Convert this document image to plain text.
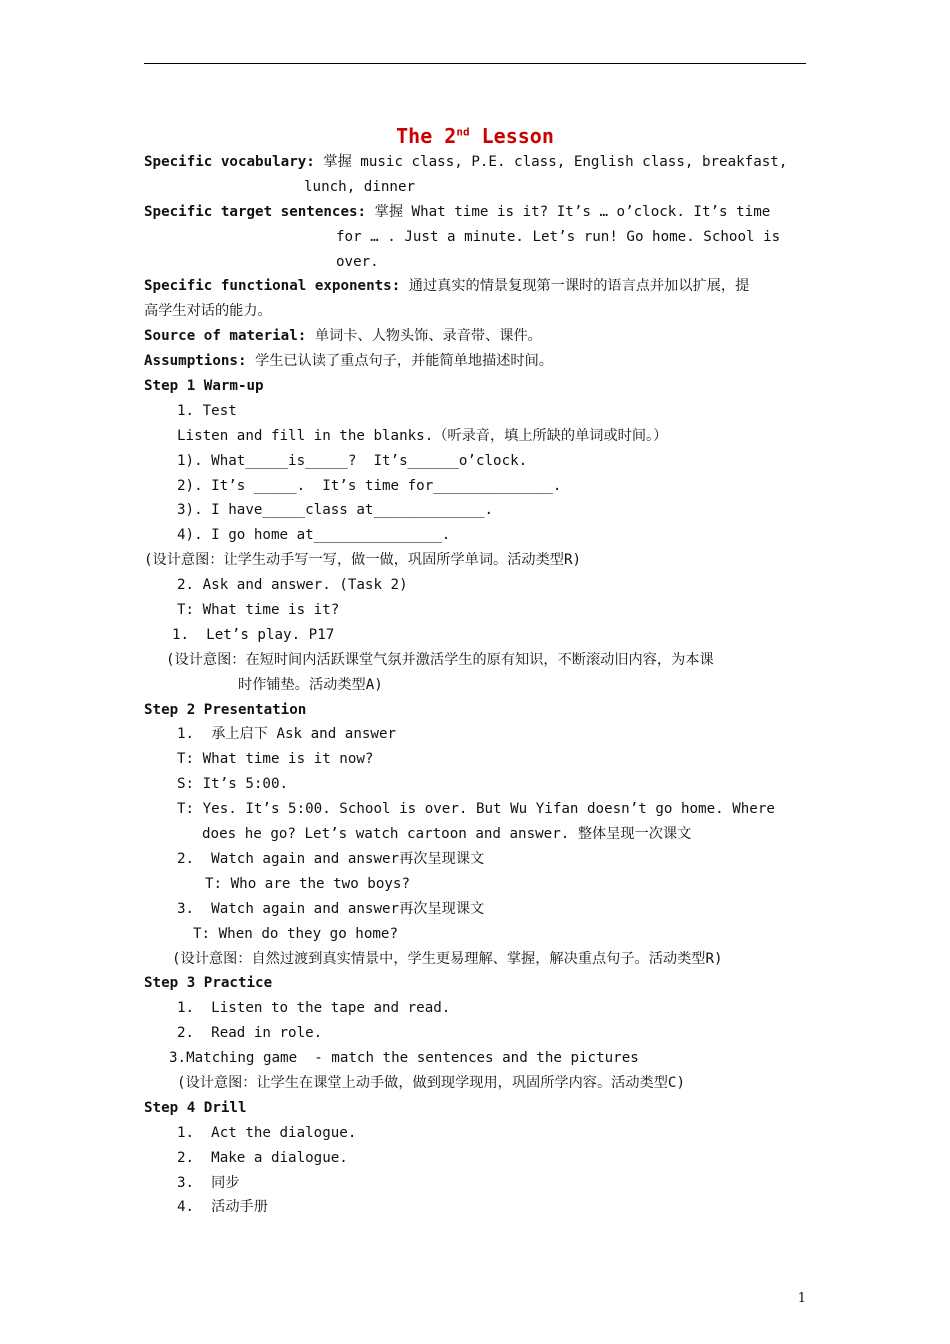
The 2nd Lesson
Specific vocabulary: 掌握 music class, P.E. class, English class, breakfast,
lunch, dinner
Specific target sentences: 掌握 What time is it? It’s … o’clock. It’s time
for … . Just a minute. Let’s run! Go home. School is
over.
Specific functional exponents: 通过真实的情景复现第一课时的语言点并加以扩展，提
高学生对话的能力。
Source of material: 单词卡、人物头饰、录音带、课件。
Assumptions: 学生已认读了重点句子，并能简单地描述时间。
Step 1 Warm-up
1. Test
Listen and fill in the blanks.（听录音，填上所缺的单词或时间。）
1). What_____is_____?  It’s______o’clock.
2). It’s _____.  It’s time for______________.
3). I have_____class at_____________.
4). I go home at_______________.
(设计意图：让学生动手写一写，做一做，巩固所学单词。活动类型R)
2. Ask and answer. (Task 2)
T: What time is it?
1.  Let’s play. P17
(设计意图：在短时间内活跃课堂气氛并激活学生的原有知识，不断滚动旧内容，为本课
时作铺垫。活动类型A)
Step 2 Presentation
1.  承上启下 Ask and answer
T: What time is it now?
S: It’s 5:00.
T: Yes. It’s 5:00. School is over. But Wu Yifan doesn’t go home. Where
does he go? Let’s watch cartoon and answer. 整体呈现一次课文
2.  Watch again and answer再次呈现课文
T: Who are the two boys?
3.  Watch again and answer再次呈现课文
T: When do they go home?
(设计意图：自然过渡到真实情景中，学生更易理解、掌握，解决重点句子。活动类型R)
Step 3 Practice
1.  Listen to the tape and read.
2.  Read in role.
3.Matching game  - match the sentences and the pictures
(设计意图：让学生在课堂上动手做，做到现学现用，巩固所学内容。活动类型C)
Step 4 Drill
1.  Act the dialogue.
2.  Make a dialogue.
3.  同步
4.  活动手册
1
